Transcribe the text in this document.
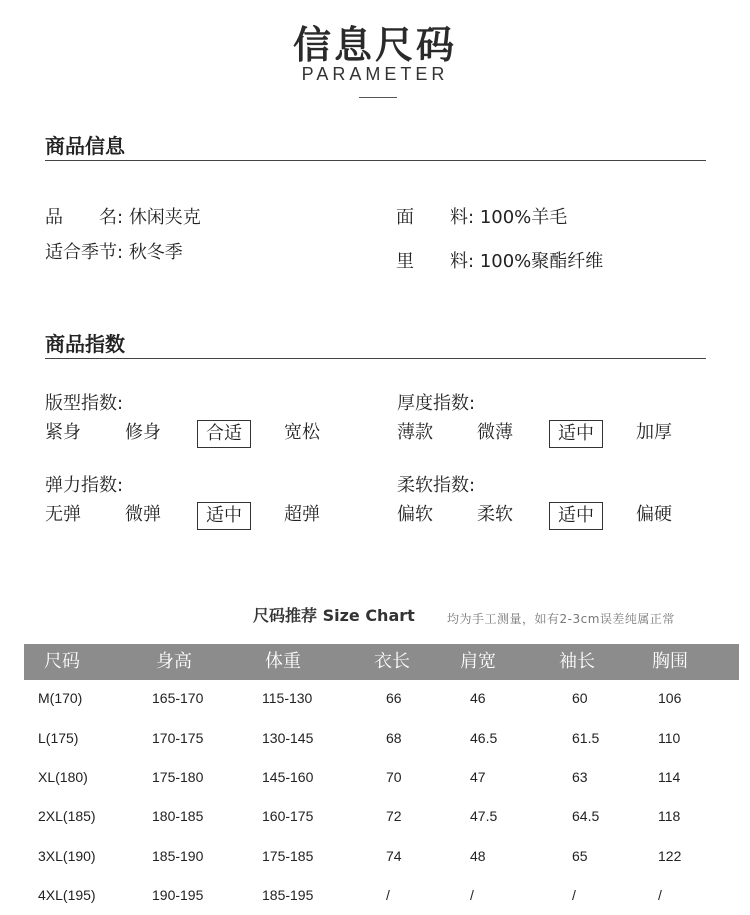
信息尺码
PARAMETER
商品信息
品　　名: 休闲夹克
适合季节: 秋冬季
面　　料: 100%羊毛
里　　料: 100%聚酯纤维
商品指数
版型指数:
紧身 修身	合适	宽松
厚度指数:
薄款 微薄	适中	加厚
弹力指数:
无弹 微弹	适中	超弹
柔软指数:
偏软 柔软	适中	偏硬
尺码推荐 Size Chart	均为手工测量，如有2-3cm误差纯属正常
尺码	身高	体重	衣长	肩宽	袖长	胸围
M(170)	165-170	115-130	66	46	60	106
L(175)	170-175	130-145	68	46.5	61.5	110
XL(180)	175-180	145-160	70	47	63	114
2XL(185)	180-185	160-175	72	47.5	64.5	118
3XL(190)	185-190	175-185	74	48	65	122
4XL(195)	190-195	185-195	/	/	/	/
